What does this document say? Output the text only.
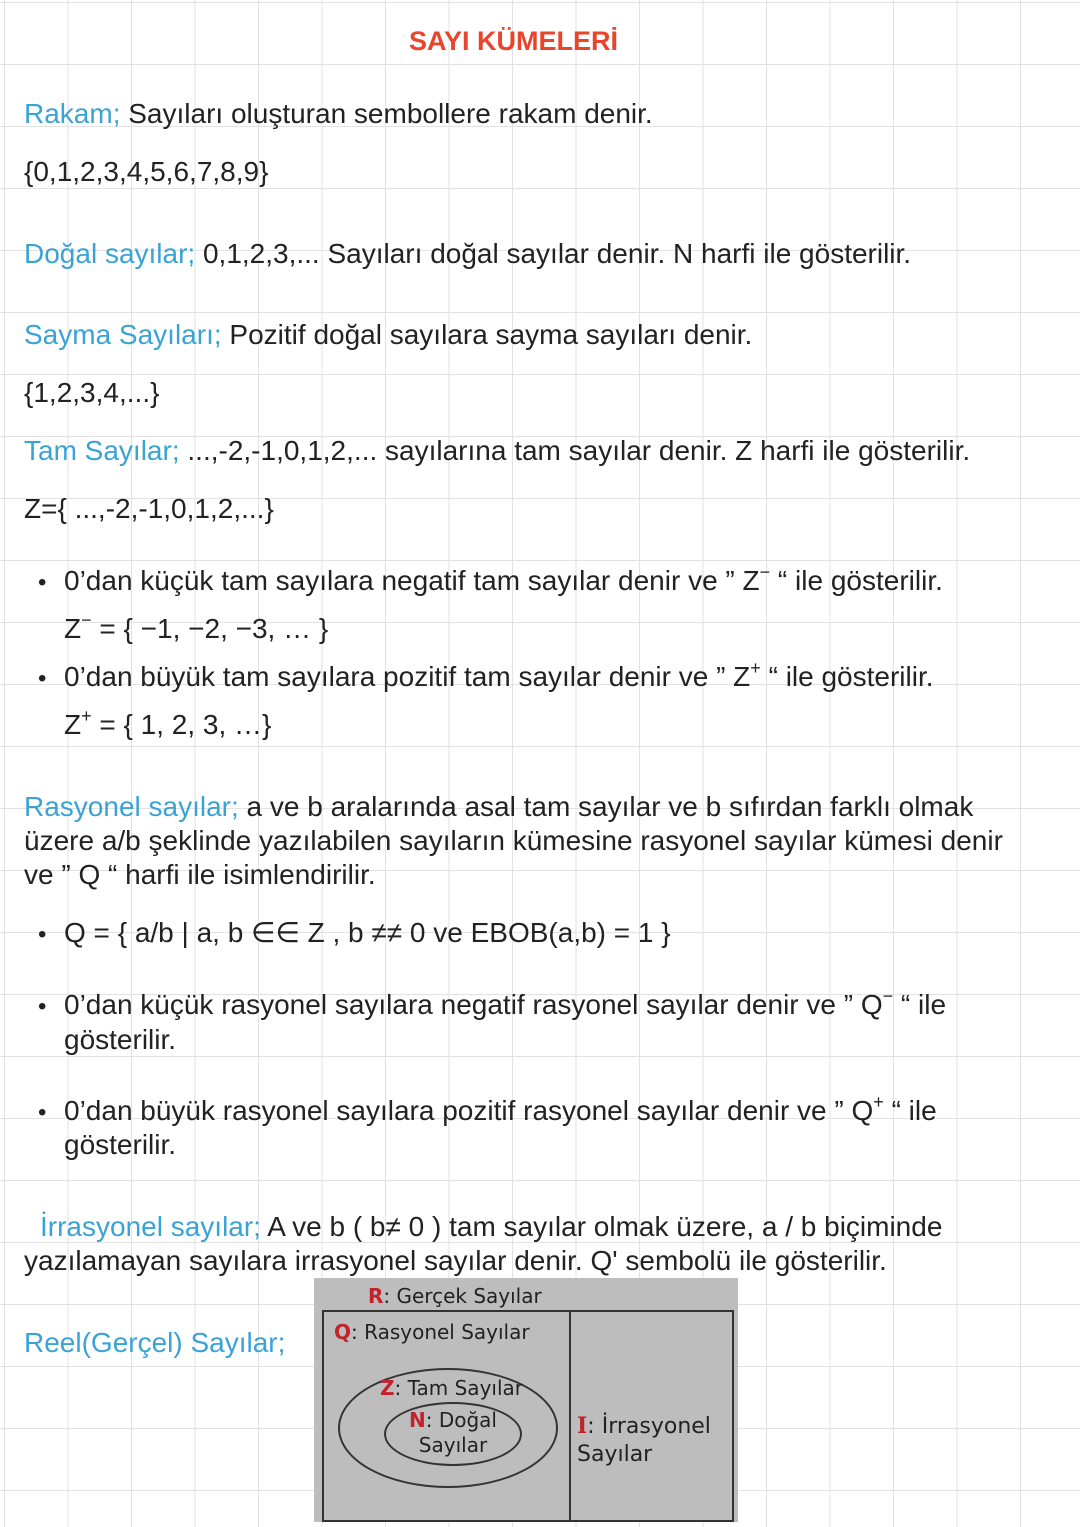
SAYI KÜMELERİ
Rakam; Sayıları oluşturan sembollere rakam denir.
{0,1,2,3,4,5,6,7,8,9}
Doğal sayılar; 0,1,2,3,... Sayıları doğal sayılar denir. N harfi ile gösterilir.
Sayma Sayıları; Pozitif doğal sayılara sayma sayıları denir.
{1,2,3,4,...}
Tam Sayılar; ...,-2,-1,0,1,2,... sayılarına tam sayılar denir. Z harfi ile gösterilir.
Z={ ...,-2,-1,0,1,2,...}
• 0’dan küçük tam sayılara negatif tam sayılar denir ve ” Z− “ ile gösterilir.
Z− = { −1, −2, −3, … }
• 0’dan büyük tam sayılara pozitif tam sayılar denir ve ” Z+ “ ile gösterilir.
Z+ = { 1, 2, 3, …}
Rasyonel sayılar; a ve b aralarında asal tam sayılar ve b sıfırdan farklı olmak
üzere a/b şeklinde yazılabilen sayıların kümesine rasyonel sayılar kümesi denir
ve ” Q “ harfi ile isimlendirilir.
• Q = { a/b | a, b ∈∈ Z , b ≠≠ 0 ve EBOB(a,b) = 1 }
• 0’dan küçük rasyonel sayılara negatif rasyonel sayılar denir ve ” Q− “ ile
gösterilir.
• 0’dan büyük rasyonel sayılara pozitif rasyonel sayılar denir ve ” Q+ “ ile
gösterilir.
İrrasyonel sayılar; A ve b ( b≠ 0 ) tam sayılar olmak üzere, a / b biçiminde
yazılamayan sayılara irrasyonel sayılar denir. Q' sembolü ile gösterilir.
Reel(Gerçel) Sayılar;
R: Gerçek Sayılar
Q: Rasyonel Sayılar
Z: Tam Sayılar
N: Doğal
Sayılar
I: İrrasyonel
Sayılar
